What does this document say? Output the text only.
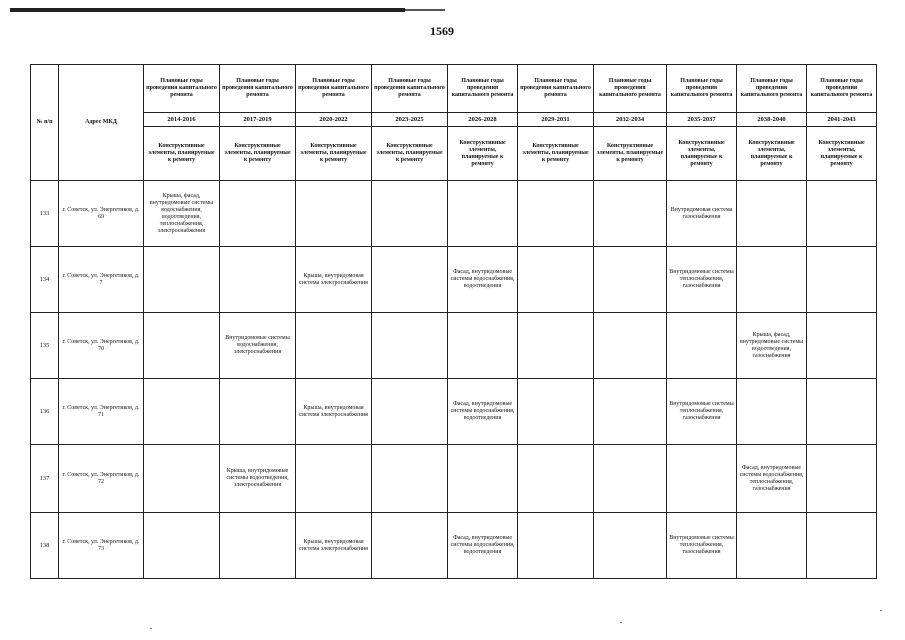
1569
№ п/п	Адрес МКД	Плановые годы проведения капитального ремонта	Плановые годы проведения капитального ремонта	Плановые годы проведения капитального ремонта	Плановые годы проведения капитального ремонта	Плановые годы проведения капитального ремонта	Плановые годы проведения капитального ремонта	Плановые годы проведения капитального ремонта	Плановые годы проведения капитального ремонта	Плановые годы проведения капитального ремонта	Плановые годы проведения капитального ремонта
		2014-2016	2017-2019	2020-2022	2023-2025	2026-2028	2029-2031	2032-2034	2035-2037	2038-2040	2041-2043
		Конструктивные элементы, планируемые к ремонту	Конструктивные элементы, планируемые к ремонту	Конструктивные элементы, планируемые к ремонту	Конструктивные элементы, планируемые к ремонту	Конструктивные элементы, планируемые к ремонту	Конструктивные элементы, планируемые к ремонту	Конструктивные элементы, планируемые к ремонту	Конструктивные элементы, планируемые к ремонту	Конструктивные элементы, планируемые к ремонту	Конструктивные элементы, планируемые к ремонту
133	г. Советск, ул. Энергетиков, д. 69	Крыша, фасад, внутридомовые системы водоснабжения, водоотведения, теплоснабжения, электроснабжения							Внутридомовая система газоснабжения		
134	г. Советск, ул. Энергетиков, д. 7			Крыша, внутридомовая система электроснабжения		Фасад, внутридомовые системы водоснабжения, водоотведения			Внутридомовые системы теплоснабжения, газоснабжения		
135	г. Советск, ул. Энергетиков, д. 70		Внутридомовые системы водоснабжения, электроснабжения							Крыша, фасад, внутридомовые системы водоотведения, газоснабжения	
136	г. Советск, ул. Энергетиков, д. 71			Крыша, внутридомовая система электроснабжения		Фасад, внутридомовые системы водоснабжения, водоотведения			Внутридомовые системы теплоснабжения, газоснабжения		
137	г. Советск, ул. Энергетиков, д. 72		Крыша, внутридомовые системы водоотведения, электроснабжения							Фасад, внутридомовые системы водоснабжения, теплоснабжения, газоснабжения	
138	г. Советск, ул. Энергетиков, д. 73			Крыша, внутридомовая система электроснабжения		Фасад, внутридомовые системы водоснабжения, водоотведения			Внутридомовые системы теплоснабжения, газоснабжения		
